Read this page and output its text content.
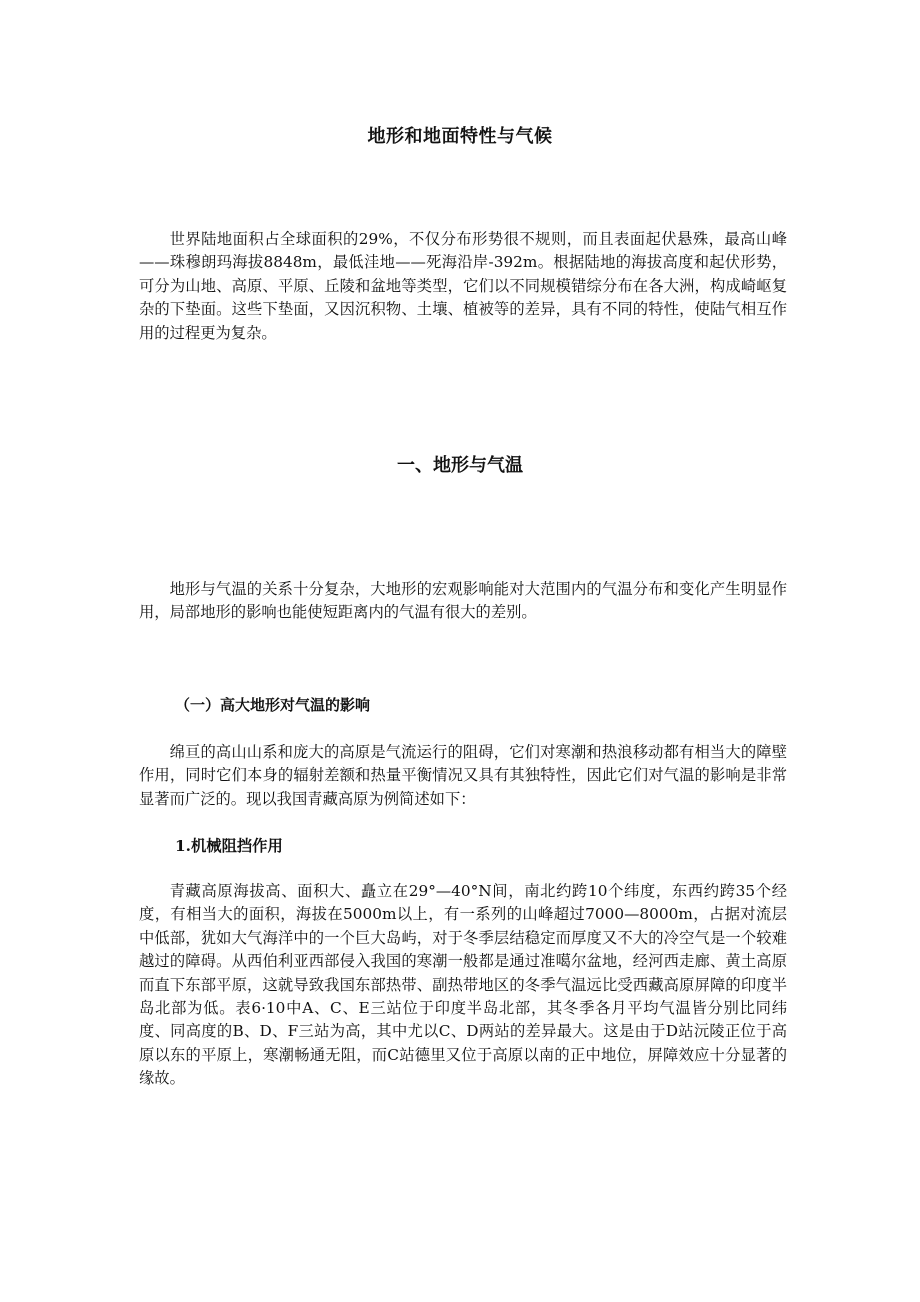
地形和地面特性与气候

世界陆地面积占全球面积的29%，不仅分布形势很不规则，而且表面起伏悬殊，最高山峰——珠穆朗玛海拔8848m，最低洼地——死海沿岸-392m。根据陆地的海拔高度和起伏形势，可分为山地、高原、平原、丘陵和盆地等类型，它们以不同规模错综分布在各大洲，构成崎岖复杂的下垫面。这些下垫面，又因沉积物、土壤、植被等的差异，具有不同的特性，使陆气相互作用的过程更为复杂。

一、地形与气温

地形与气温的关系十分复杂，大地形的宏观影响能对大范围内的气温分布和变化产生明显作用，局部地形的影响也能使短距离内的气温有很大的差别。

（一）高大地形对气温的影响

绵亘的高山山系和庞大的高原是气流运行的阻碍，它们对寒潮和热浪移动都有相当大的障壁作用，同时它们本身的辐射差额和热量平衡情况又具有其独特性，因此它们对气温的影响是非常显著而广泛的。现以我国青藏高原为例简述如下：

1.机械阻挡作用

青藏高原海拔高、面积大、矗立在29°—40°N间，南北约跨10个纬度，东西约跨35个经度，有相当大的面积，海拔在5000m以上，有一系列的山峰超过7000—8000m，占据对流层中低部，犹如大气海洋中的一个巨大岛屿，对于冬季层结稳定而厚度又不大的冷空气是一个较难越过的障碍。从西伯利亚西部侵入我国的寒潮一般都是通过准噶尔盆地，经河西走廊、黄土高原而直下东部平原，这就导致我国东部热带、副热带地区的冬季气温远比受西藏高原屏障的印度半岛北部为低。表6·10中A、C、E三站位于印度半岛北部，其冬季各月平均气温皆分别比同纬度、同高度的B、D、F三站为高，其中尤以C、D两站的差异最大。这是由于D站沅陵正位于高原以东的平原上，寒潮畅通无阻，而C站德里又位于高原以南的正中地位，屏障效应十分显著的缘故。
